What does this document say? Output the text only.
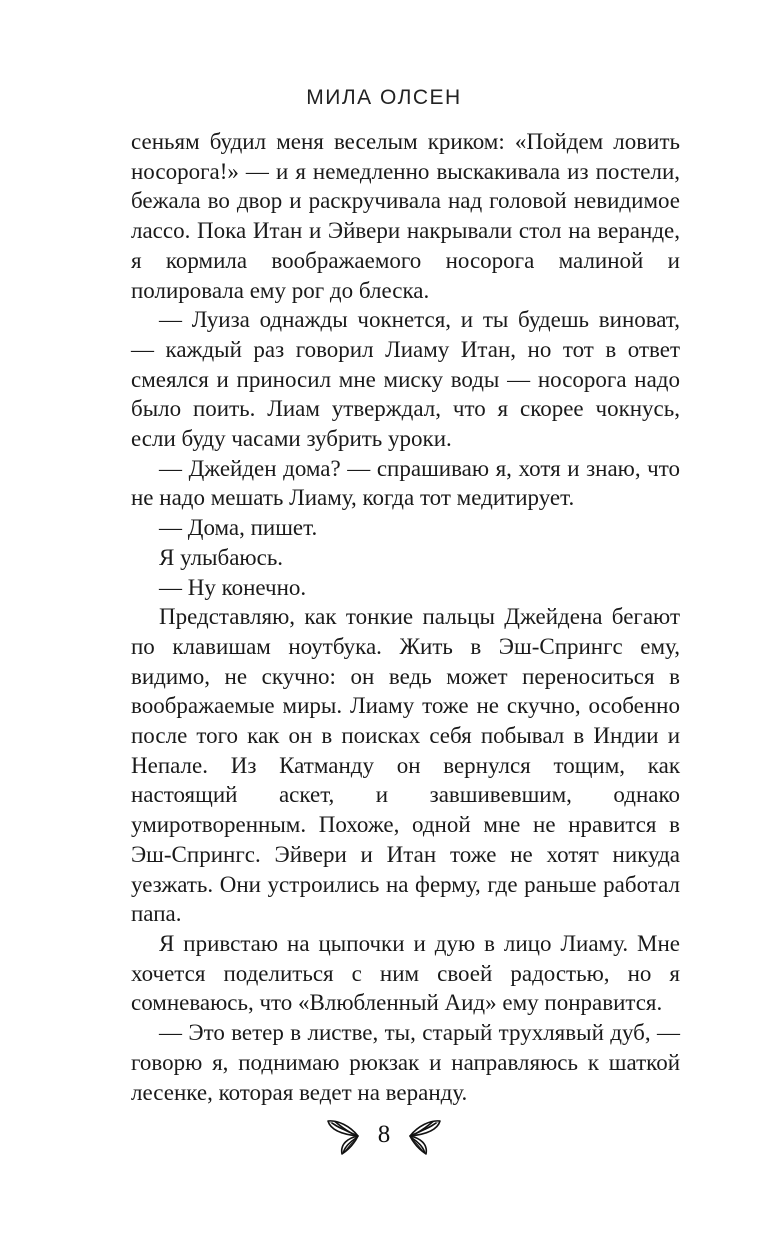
МИЛА ОЛСЕН

сеньям будил меня веселым криком: «Пойдем ловить носорога!» — и я немедленно выскакивала из постели, бежала во двор и раскручивала над головой невидимое лассо. Пока Итан и Эйвери накрывали стол на веранде, я кормила воображаемого носорога малиной и полировала ему рог до блеска.

— Луиза однажды чокнется, и ты будешь виноват, — каждый раз говорил Лиаму Итан, но тот в ответ смеялся и приносил мне миску воды — носорога надо было поить. Лиам утверждал, что я скорее чокнусь, если буду часами зубрить уроки.

— Джейден дома? — спрашиваю я, хотя и знаю, что не надо мешать Лиаму, когда тот медитирует.

— Дома, пишет.

Я улыбаюсь.

— Ну конечно.

Представляю, как тонкие пальцы Джейдена бегают по клавишам ноутбука. Жить в Эш-Спрингс ему, видимо, не скучно: он ведь может переноситься в воображаемые миры. Лиаму тоже не скучно, особенно после того как он в поисках себя побывал в Индии и Непале. Из Катманду он вернулся тощим, как настоящий аскет, и завшивевшим, однако умиротворенным. Похоже, одной мне не нравится в Эш-Спрингс. Эйвери и Итан тоже не хотят никуда уезжать. Они устроились на ферму, где раньше работал папа.

Я привстаю на цыпочки и дую в лицо Лиаму. Мне хочется поделиться с ним своей радостью, но я сомневаюсь, что «Влюбленный Аид» ему понравится.

— Это ветер в листве, ты, старый трухлявый дуб, — говорю я, поднимаю рюкзак и направляюсь к шаткой лесенке, которая ведет на веранду.

8
